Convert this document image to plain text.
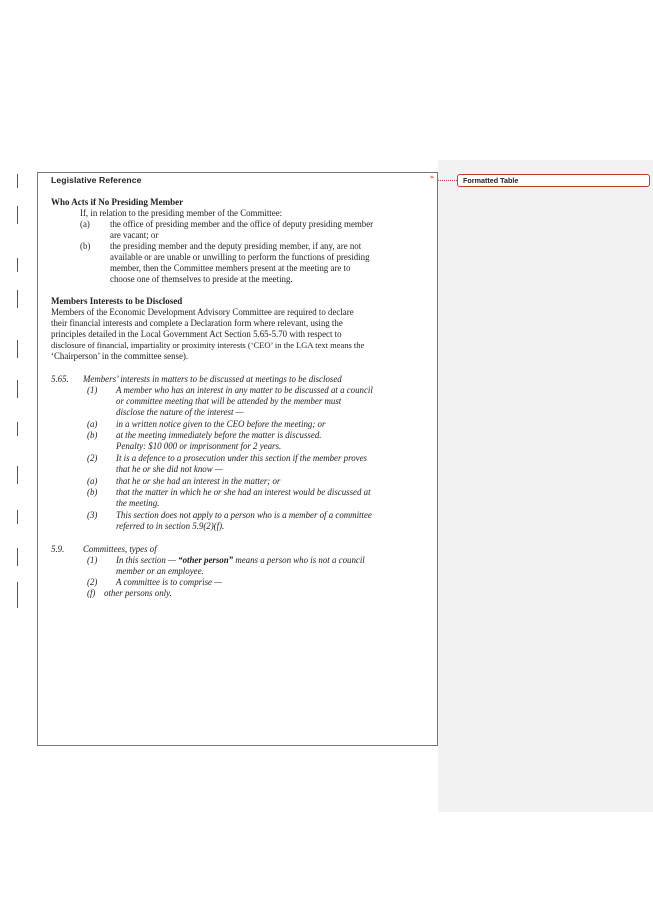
Legislative Reference	*
Who Acts if No Presiding Member
If, in relation to the presiding member of the Committee:
(a) the office of presiding member and the office of deputy presiding member
are vacant; or
(b) the presiding member and the deputy presiding member, if any, are not
available or are unable or unwilling to perform the functions of presiding
member, then the Committee members present at the meeting are to
choose one of themselves to preside at the meeting.
Members Interests to be Disclosed
Members of the Economic Development Advisory Committee are required to declare
their financial interests and complete a Declaration form where relevant, using the
principles detailed in the Local Government Act Section 5.65-5.70 with respect to
disclosure of financial, impartiality or proximity interests (‘CEO’ in the LGA text means the
‘Chairperson’ in the committee sense).
5.65. Members’ interests in matters to be discussed at meetings to be disclosed
(1) A member who has an interest in any matter to be discussed at a council
or committee meeting that will be attended by the member must
disclose the nature of the interest —
(a) in a written notice given to the CEO before the meeting; or
(b) at the meeting immediately before the matter is discussed.
Penalty: $10 000 or imprisonment for 2 years.
(2) It is a defence to a prosecution under this section if the member proves
that he or she did not know —
(a) that he or she had an interest in the matter; or
(b) that the matter in which he or she had an interest would be discussed at
the meeting.
(3) This section does not apply to a person who is a member of a committee
referred to in section 5.9(2)(f).
5.9. Committees, types of
(1) In this section — “other person” means a person who is not a council
member or an employee.
(2) A committee is to comprise —
(f) other persons only.
Formatted Table
